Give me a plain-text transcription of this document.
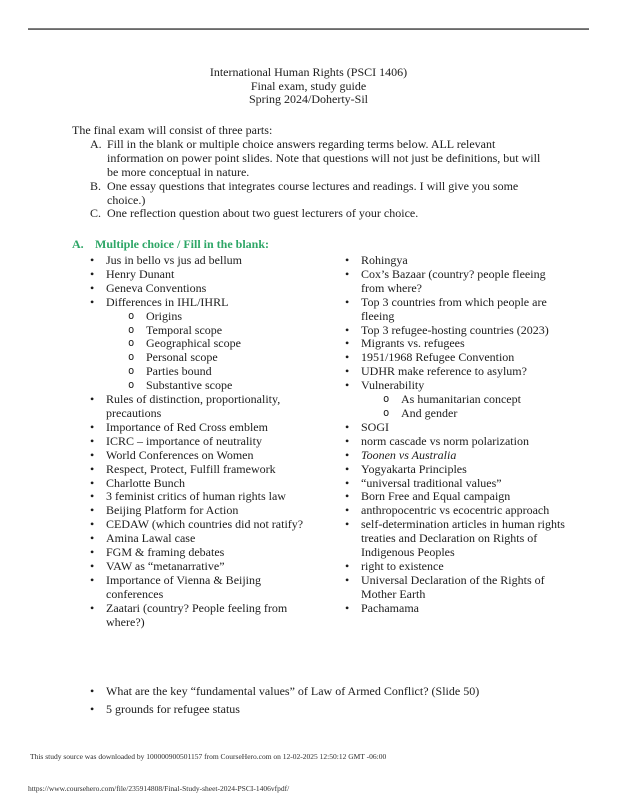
International Human Rights (PSCI 1406)
Final exam, study guide
Spring 2024/Doherty-Sil
The final exam will consist of three parts:
A. Fill in the blank or multiple choice answers regarding terms below. ALL relevant information on power point slides. Note that questions will not just be definitions, but will be more conceptual in nature.
B. One essay questions that integrates course lectures and readings. I will give you some choice.)
C. One reflection question about two guest lecturers of your choice.
A. Multiple choice / Fill in the blank:
• Jus in bello vs jus ad bellum
• Henry Dunant
• Geneva Conventions
• Differences in IHL/IHRL
o Origins
o Temporal scope
o Geographical scope
o Personal scope
o Parties bound
o Substantive scope
• Rules of distinction, proportionality, precautions
• Importance of Red Cross emblem
• ICRC – importance of neutrality
• World Conferences on Women
• Respect, Protect, Fulfill framework
• Charlotte Bunch
• 3 feminist critics of human rights law
• Beijing Platform for Action
• CEDAW (which countries did not ratify?
• Amina Lawal case
• FGM & framing debates
• VAW as “metanarrative”
• Importance of Vienna & Beijing conferences
• Zaatari (country? People feeling from where?)
• Rohingya
• Cox’s Bazaar (country? people fleeing from where?
• Top 3 countries from which people are fleeing
• Top 3 refugee-hosting countries (2023)
• Migrants vs. refugees
• 1951/1968 Refugee Convention
• UDHR make reference to asylum?
• Vulnerability
o As humanitarian concept
o And gender
• SOGI
• norm cascade vs norm polarization
• Toonen vs Australia
• Yogyakarta Principles
• “universal traditional values”
• Born Free and Equal campaign
• anthropocentric vs ecocentric approach
• self-determination articles in human rights treaties and Declaration on Rights of Indigenous Peoples
• right to existence
• Universal Declaration of the Rights of Mother Earth
• Pachamama
• What are the key “fundamental values” of Law of Armed Conflict? (Slide 50)
• 5 grounds for refugee status
This study source was downloaded by 100000900501157 from CourseHero.com on 12-02-2025 12:50:12 GMT -06:00
https://www.coursehero.com/file/235914808/Final-Study-sheet-2024-PSCI-1406vfpdf/
